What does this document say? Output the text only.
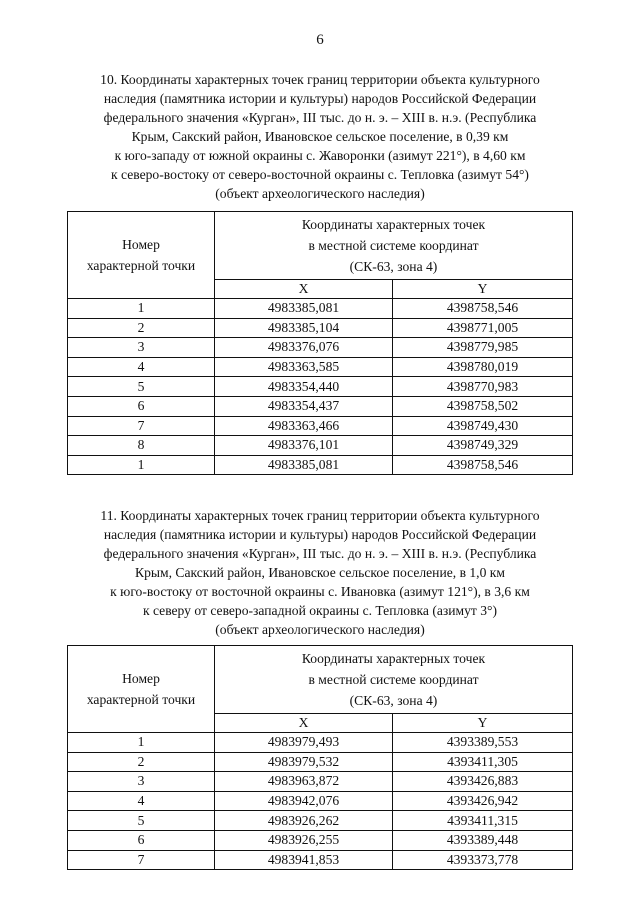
6
10. Координаты характерных точек границ территории объекта культурного
наследия (памятника истории и культуры) народов Российской Федерации
федерального значения «Курган», III тыс. до н. э. – XIII в. н.э. (Республика
Крым, Сакский район, Ивановское сельское поселение, в 0,39 км
к юго-западу от южной окраины с. Жаворонки (азимут 221°), в 4,60 км
к северо-востоку от северо-восточной окраины с. Тепловка (азимут 54°)
(объект археологического наследия)
Номер
характерной точки	Координаты характерных точек
в местной системе координат
(СК-63, зона 4)	

	X	Y
1	4983385,081	4398758,546
2	4983385,104	4398771,005
3	4983376,076	4398779,985
4	4983363,585	4398780,019
5	4983354,440	4398770,983
6	4983354,437	4398758,502
7	4983363,466	4398749,430
8	4983376,101	4398749,329
1	4983385,081	4398758,546
11. Координаты характерных точек границ территории объекта культурного
наследия (памятника истории и культуры) народов Российской Федерации
федерального значения «Курган», III тыс. до н. э. – XIII в. н.э. (Республика
Крым, Сакский район, Ивановское сельское поселение, в 1,0 км
к юго-востоку от восточной окраины с. Ивановка (азимут 121°), в 3,6 км
к северу от северо-западной окраины с. Тепловка (азимут 3°)
(объект археологического наследия)
Номер
характерной точки	Координаты характерных точек
в местной системе координат
(СК-63, зона 4)	

	X	Y
1	4983979,493	4393389,553
2	4983979,532	4393411,305
3	4983963,872	4393426,883
4	4983942,076	4393426,942
5	4983926,262	4393411,315
6	4983926,255	4393389,448
7	4983941,853	4393373,778
